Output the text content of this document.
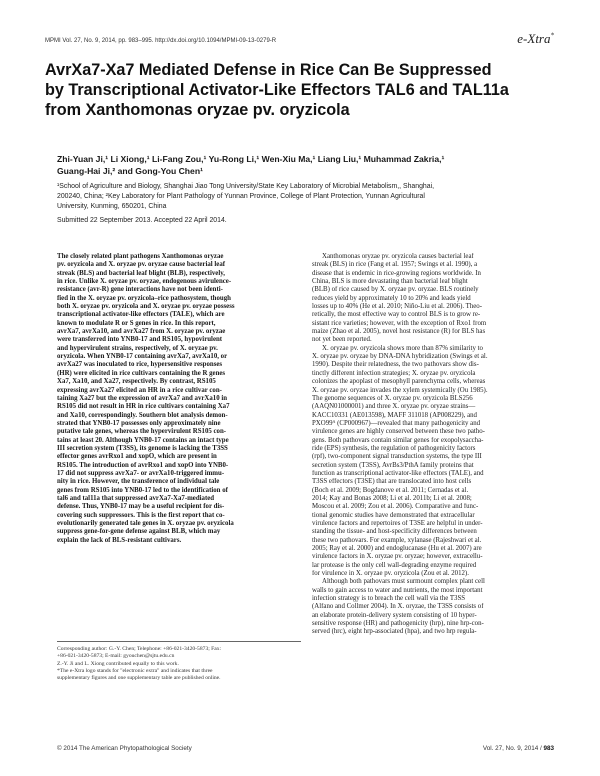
MPMI Vol. 27, No. 9, 2014, pp. 983–995. http://dx.doi.org/10.1094/MPMI-09-13-0279-R	e-Xtra*
AvrXa7-Xa7 Mediated Defense in Rice Can Be Suppressed
by Transcriptional Activator-Like Effectors TAL6 and TAL11a
from Xanthomonas oryzae pv. oryzicola
Zhi-Yuan Ji,¹ Li Xiong,¹ Li-Fang Zou,¹ Yu-Rong Li,¹ Wen-Xiu Ma,¹ Liang Liu,¹ Muhammad Zakria,¹
Guang-Hai Ji,² and Gong-You Chen¹
¹School of Agriculture and Biology, Shanghai Jiao Tong University/State Key Laboratory of Microbial Metabolism,, Shanghai,
200240, China; ²Key Laboratory for Plant Pathology of Yunnan Province, College of Plant Protection, Yunnan Agricultural
University, Kunming, 650201, China
Submitted 22 September 2013. Accepted 22 April 2014.
The closely related plant pathogens Xanthomonas oryzae
pv. oryzicola and X. oryzae pv. oryzae cause bacterial leaf
streak (BLS) and bacterial leaf blight (BLB), respectively,
in rice. Unlike X. oryzae pv. oryzae, endogenous avirulence-
resistance (avr-R) gene interactions have not been identi-
fied in the X. oryzae pv. oryzicola–rice pathosystem, though
both X. oryzae pv. oryzicola and X. oryzae pv. oryzae possess
transcriptional activator-like effectors (TALE), which are
known to modulate R or S genes in rice. In this report,
avrXa7, avrXa10, and avrXa27 from X. oryzae pv. oryzae
were transferred into YNB0-17 and RS105, hypovirulent
and hypervirulent strains, respectively, of X. oryzae pv.
oryzicola. When YNB0-17 containing avrXa7, avrXa10, or
avrXa27 was inoculated to rice, hypersensitive responses
(HR) were elicited in rice cultivars containing the R genes
Xa7, Xa10, and Xa27, respectively. By contrast, RS105
expressing avrXa27 elicited an HR in a rice cultivar con-
taining Xa27 but the expression of avrXa7 and avrXa10 in
RS105 did not result in HR in rice cultivars containing Xa7
and Xa10, correspondingly. Southern blot analysis demon-
strated that YNB0-17 possesses only approximately nine
putative tale genes, whereas the hypervirulent RS105 con-
tains at least 20. Although YNB0-17 contains an intact type
III secretion system (T3SS), its genome is lacking the T3SS
effector genes avrRxo1 and xopO, which are present in
RS105. The introduction of avrRxo1 and xopO into YNB0-
17 did not suppress avrXa7- or avrXa10-triggered immu-
nity in rice. However, the transference of individual tale
genes from RS105 into YNB0-17 led to the identification of
tal6 and tal11a that suppressed avrXa7-Xa7-mediated
defense. Thus, YNB0-17 may be a useful recipient for dis-
covering such suppressors. This is the first report that co-
evolutionarily generated tale genes in X. oryzae pv. oryzicola
suppress gene-for-gene defense against BLB, which may
explain the lack of BLS-resistant cultivars.
Corresponding author: G.-Y. Chen; Telephone: +86-021-3420-5873; Fax:
+86-021-3420-5873; E-mail: gyouchen@sjtu.edu.cn
Z.-Y. Ji and L. Xiong contributed equally to this work.
*The e-Xtra logo stands for "electronic extra" and indicates that three
supplementary figures and one supplementary table are published online.
Xanthomonas oryzae pv. oryzicola causes bacterial leaf
streak (BLS) in rice (Fang et al. 1957; Swings et al. 1990), a
disease that is endemic in rice-growing regions worldwide. In
China, BLS is more devastating than bacterial leaf blight
(BLB) of rice caused by X. oryzae pv. oryzae. BLS routinely
reduces yield by approximately 10 to 20% and leads yield
losses up to 40% (He et al. 2010; Niño-Liu et al. 2006). Theo-
retically, the most effective way to control BLS is to grow re-
sistant rice varieties; however, with the exception of Rxo1 from
maize (Zhao et al. 2005), novel host resistance (R) for BLS has
not yet been reported.
X. oryzae pv. oryzicola shows more than 87% similarity to
X. oryzae pv. oryzae by DNA-DNA hybridization (Swings et al.
1990). Despite their relatedness, the two pathovars show dis-
tinctly different infection strategies; X. oryzae pv. oryzicola
colonizes the apoplast of mesophyll parenchyma cells, whereas
X. oryzae pv. oryzae invades the xylem systemically (Ou 1985).
The genome sequences of X. oryzae pv. oryzicola BLS256
(AAQN01000001) and three X. oryzae pv. oryzae strains—
KACC10331 (AE013598), MAFF 311018 (AP008229), and
PXO99ᴬ (CP000967)—revealed that many pathogenicity and
virulence genes are highly conserved between these two patho-
gens. Both pathovars contain similar genes for exopolysaccha-
ride (EPS) synthesis, the regulation of pathogenicity factors
(rpf), two-component signal transduction systems, the type III
secretion system (T3SS), AvrBs3/PthA family proteins that
function as transcriptional activator-like effectors (TALE), and
T3SS effectors (T3SE) that are translocated into host cells
(Boch et al. 2009; Bogdanove et al. 2011; Cernadas et al.
2014; Kay and Bonas 2008; Li et al. 2011b; Li et al. 2008;
Moscou et al. 2009; Zou et al. 2006). Comparative and func-
tional genomic studies have demonstrated that extracellular
virulence factors and repertoires of T3SE are helpful in under-
standing the tissue- and host-specificity differences between
these two pathovars. For example, xylanase (Rajeshwari et al.
2005; Ray et al. 2000) and endoglucanase (Hu et al. 2007) are
virulence factors in X. oryzae pv. oryzae; however, extracellu-
lar protease is the only cell wall-degrading enzyme required
for virulence in X. oryzae pv. oryzicola (Zou et al. 2012).
Although both pathovars must surmount complex plant cell
walls to gain access to water and nutrients, the most important
infection strategy is to breach the cell wall via the T3SS
(Alfano and Collmer 2004). In X. oryzae, the T3SS consists of
an elaborate protein-delivery system consisting of 10 hyper-
sensitive response (HR) and pathogenicity (hrp), nine hrp-con-
served (hrc), eight hrp-associated (hpa), and two hrp regula-
© 2014 The American Phytopathological Society	Vol. 27, No. 9, 2014 / 983
